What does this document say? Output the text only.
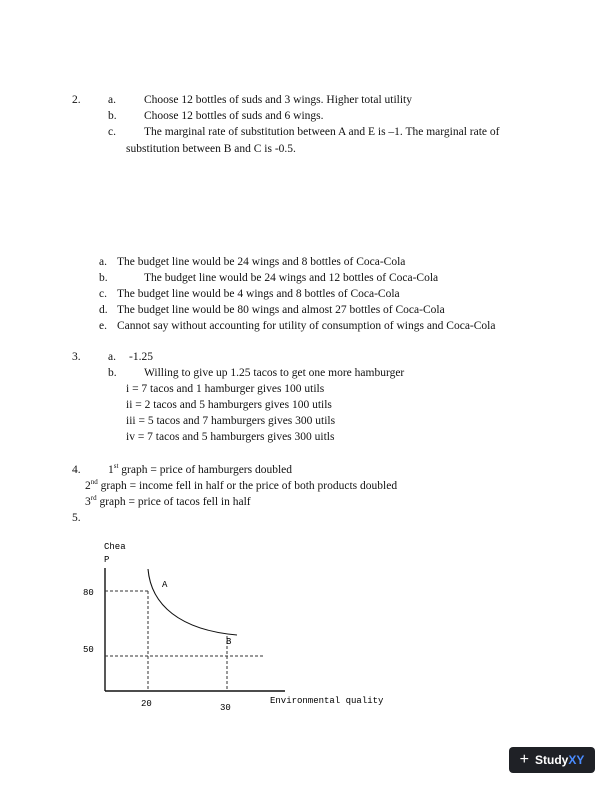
2. a. Choose 12 bottles of suds and 3 wings. Higher total utility
b. Choose 12 bottles of suds and 6 wings.
c. The marginal rate of substitution between A and E is –1. The marginal rate of
substitution between B and C is -0.5.
a. The budget line would be 24 wings and 8 bottles of Coca-Cola
b.	The budget line would be 24 wings and 12 bottles of Coca-Cola
c. The budget line would be 4 wings and 8 bottles of Coca-Cola
d. The budget line would be 80 wings and almost 27 bottles of Coca-Cola
e. Cannot say without accounting for utility of consumption of wings and Coca-Cola
3. a. -1.25
b. Willing to give up 1.25 tacos to get one more hamburger
i = 7 tacos and 1 hamburger gives 100 utils
ii = 2 tacos and 5 hamburgers gives 100 utils
iii = 5 tacos and 7 hamburgers gives 300 utils
iv = 7 tacos and 5 hamburgers gives 300 uitls
4. 1st graph = price of hamburgers doubled
2nd graph = income fell in half or the price of both products doubled
3rd graph = price of tacos fell in half
5.
Chea
P
A
B
80
50
20	30
Environmental quality
+ StudyXY
